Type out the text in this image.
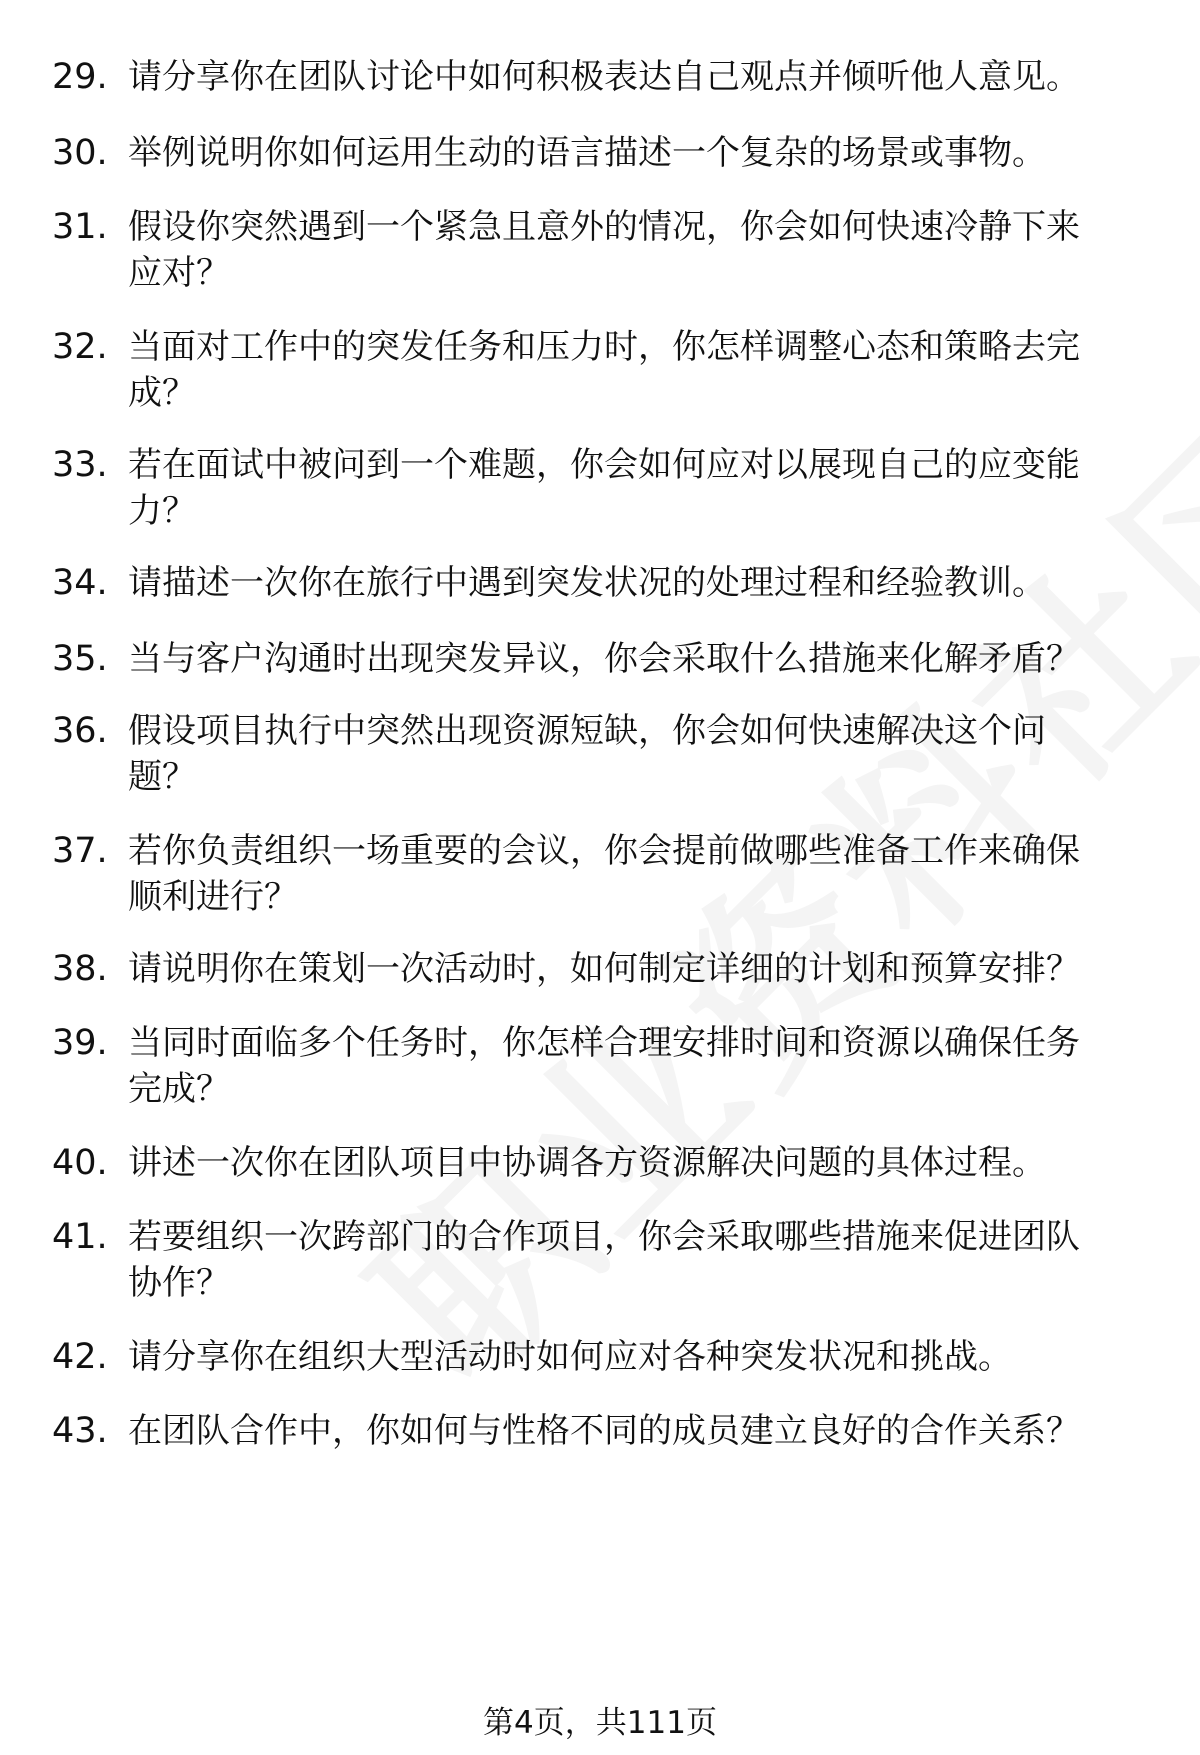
29. 请分享你在团队讨论中如何积极表达自己观点并倾听他人意见。
30. 举例说明你如何运用生动的语言描述一个复杂的场景或事物。
31. 假设你突然遇到一个紧急且意外的情况，你会如何快速冷静下来
应对？
32. 当面对工作中的突发任务和压力时，你怎样调整心态和策略去完
成？
33. 若在面试中被问到一个难题，你会如何应对以展现自己的应变能
力？
34. 请描述一次你在旅行中遇到突发状况的处理过程和经验教训。
35. 当与客户沟通时出现突发异议，你会采取什么措施来化解矛盾？
36. 假设项目执行中突然出现资源短缺，你会如何快速解决这个问
题？
37. 若你负责组织一场重要的会议，你会提前做哪些准备工作来确保
顺利进行？
38. 请说明你在策划一次活动时，如何制定详细的计划和预算安排？
39. 当同时面临多个任务时，你怎样合理安排时间和资源以确保任务
完成？
40. 讲述一次你在团队项目中协调各方资源解决问题的具体过程。
41. 若要组织一次跨部门的合作项目，你会采取哪些措施来促进团队
协作？
42. 请分享你在组织大型活动时如何应对各种突发状况和挑战。
43. 在团队合作中，你如何与性格不同的成员建立良好的合作关系？
第4页，共111页
